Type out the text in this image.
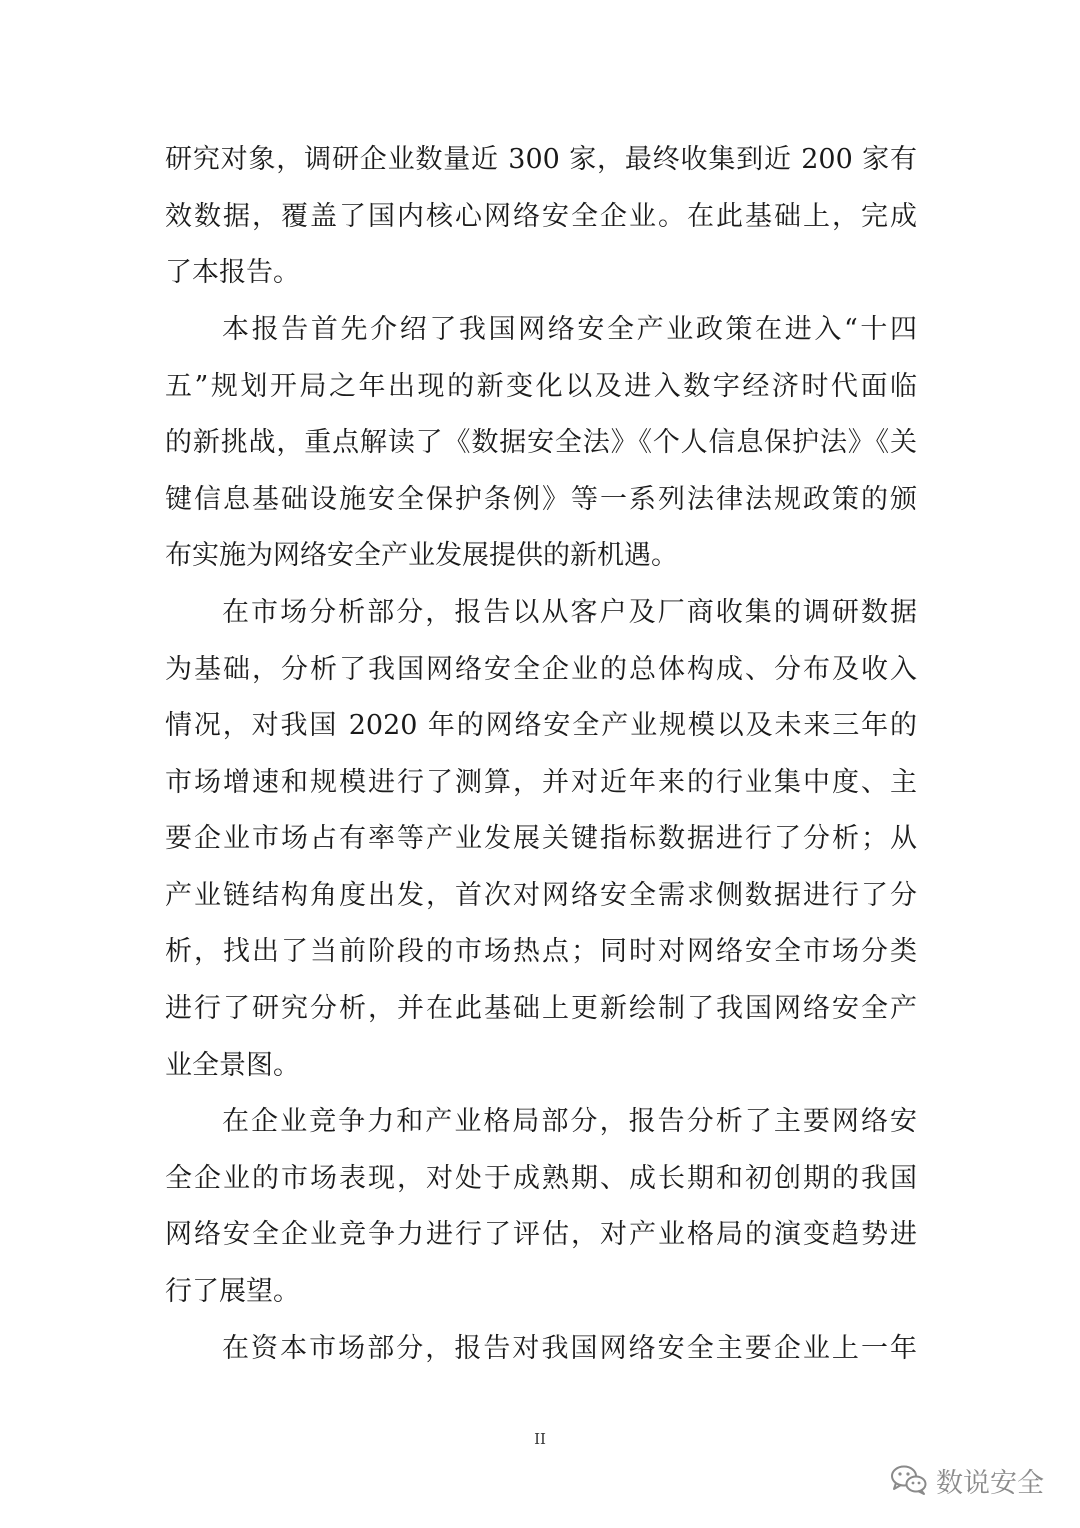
研究对象，调研企业数量近 300 家，最终收集到近 200 家有
效数据，覆盖了国内核心网络安全企业。在此基础上，完成
了本报告。
本报告首先介绍了我国网络安全产业政策在进入“十四
五”规划开局之年出现的新变化以及进入数字经济时代面临
的新挑战，重点解读了《数据安全法》《个人信息保护法》《关
键信息基础设施安全保护条例》等一系列法律法规政策的颁
布实施为网络安全产业发展提供的新机遇。
在市场分析部分，报告以从客户及厂商收集的调研数据
为基础，分析了我国网络安全企业的总体构成、分布及收入
情况，对我国 2020 年的网络安全产业规模以及未来三年的
市场增速和规模进行了测算，并对近年来的行业集中度、主
要企业市场占有率等产业发展关键指标数据进行了分析；从
产业链结构角度出发，首次对网络安全需求侧数据进行了分
析，找出了当前阶段的市场热点；同时对网络安全市场分类
进行了研究分析，并在此基础上更新绘制了我国网络安全产
业全景图。
在企业竞争力和产业格局部分，报告分析了主要网络安
全企业的市场表现，对处于成熟期、成长期和初创期的我国
网络安全企业竞争力进行了评估，对产业格局的演变趋势进
行了展望。
在资本市场部分，报告对我国网络安全主要企业上一年
II
数说安全
